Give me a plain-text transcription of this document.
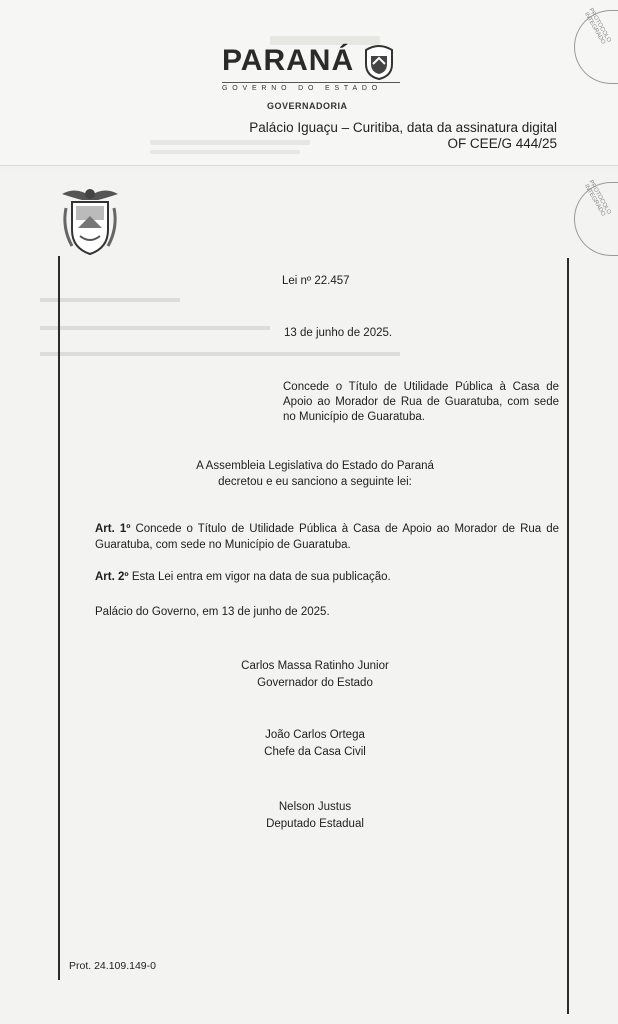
PARANÁ
GOVERNO DO ESTADO
GOVERNADORIA
Palácio Iguaçu – Curitiba, data da assinatura digital
OF CEE/G 444/25
PROTOCOLO INTEGRADO
PROTOCOLO INTEGRADO
Lei nº 22.457
13 de junho de 2025.
Concede o Título de Utilidade Pública à Casa de Apoio ao Morador de Rua de Guaratuba, com sede no Município de Guaratuba.
A Assembleia Legislativa do Estado do Paraná
decretou e eu sanciono a seguinte lei:
Art. 1º Concede o Título de Utilidade Pública à Casa de Apoio ao Morador de Rua de Guaratuba, com sede no Município de Guaratuba.
Art. 2º Esta Lei entra em vigor na data de sua publicação.
Palácio do Governo, em 13 de junho de 2025.
Carlos Massa Ratinho Junior
Governador do Estado
João Carlos Ortega
Chefe da Casa Civil
Nelson Justus
Deputado Estadual
Prot. 24.109.149-0
